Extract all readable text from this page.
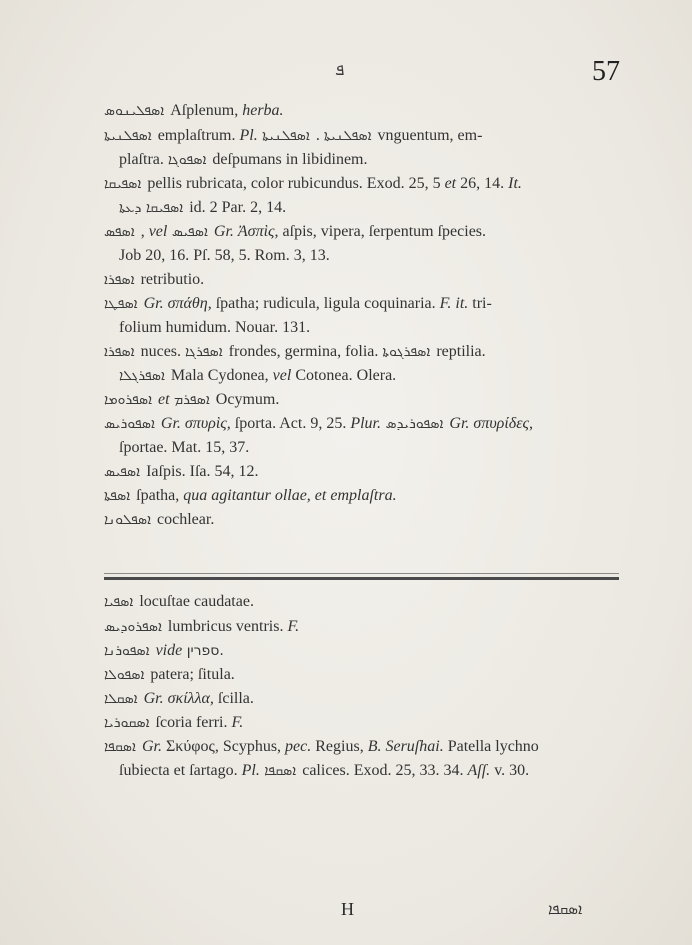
ܦ	57
ܐܣܦܠܝܢܘܣ Aſplenum, herba.
ܐܣܦܠܢܝܬܐ emplaſtrum. Pl. ܐܣܦܠܢܝܬܐ . ܐܣܦܠܢܝܬܐ	vnguentum, em-
plaſtra. ܐܣܦܘܓܐ deſpumans in libidinem.
ܐܣܦܝܩܐ pellis rubricata, color rubicundus. Exod. 25, 5 et 26, 14. It.
ܐܣܦܝܩܐ ܕܥܬܐ id. 2 Par. 2, 14.
ܐܣܦܣ , vel ܐܣܦܝܣ Gr. Ἀσπὶς, aſpis, vipera, ſerpentum ſpecies.
Job 20, 16. Pſ. 58, 5. Rom. 3, 13.
ܐܣܦܪܐ retributio.
ܐܣܦܛܐ Gr. σπάθη, ſpatha; rudicula, ligula coquinaria. F. it. tri-
folium humidum. Nouar. 131.
ܐܣܦܪܐ nuces. ܐܣܦܪܓܐ frondes, germina, folia. ܐܣܦܪܓܘܬܐ reptilia.
ܐܣܦܪܓܠܐ Mala Cydonea, vel Cotonea. Olera.
ܐܣܦܪܘܡܐ et ܐܣܦܪܡ Ocymum.
ܐܣܦܘܪܝܣ Gr. σπυρὶς, ſporta. Act. 9, 25. Plur. ܐܣܦܘܪܝܕܣ Gr. σπυρίδες,
ſportae. Mat. 15, 37.
ܐܣܦܝܣ Iaſpis. Iſa. 54, 12.
ܐܣܦܬܐ ſpatha, qua agitantur ollae, et emplaſtra.
ܐܣܦܠܘܢܐ cochlear.
ܐܣܦܝܐ locuſtae caudatae.
ܐܣܦܪܘܕܝܣ lumbricus ventris. F.
ܐܣܦܘܪܢܐ vide ספרין.
ܐܣܦܘܠܐ patera; ſitula.
ܐܣܩܠܐ Gr. σκίλλα, ſcilla.
ܐܣܩܘܪܝܐ ſcoria ferri. F.
ܐܣܩܦܐ Gr. Σκύφος, Scyphus, pec. Regius, B. Seruſhai. Patella lychno
ſubiecta et ſartago. Pl. ܐܣܩܦܐ calices. Exod. 25, 33. 34. Aſſ. v. 30.
H	ܐܣܩܦܐ
